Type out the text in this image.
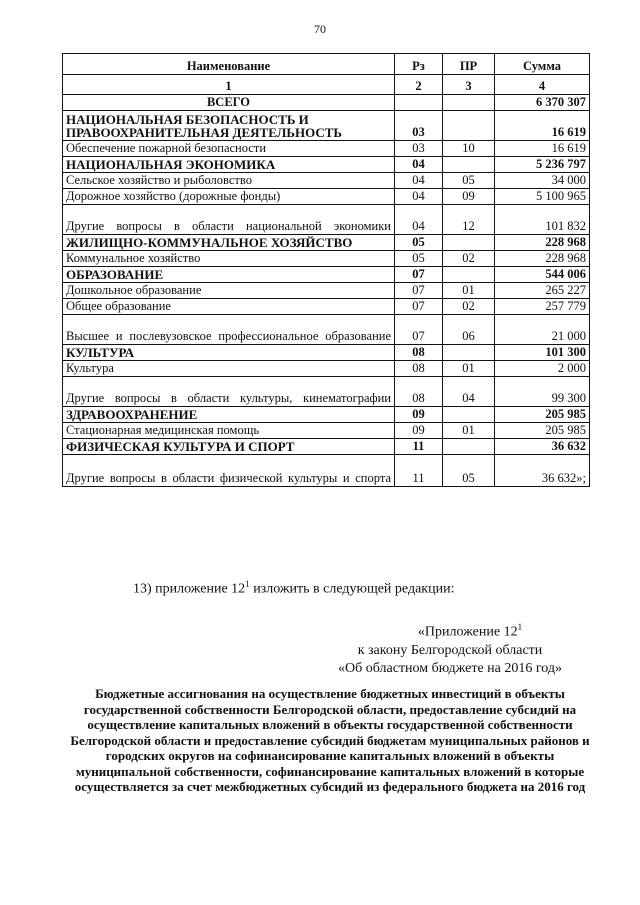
70
Наименование	Рз	ПР	Сумма
1	2	3	4
ВСЕГО			6 370 307
НАЦИОНАЛЬНАЯ БЕЗОПАСНОСТЬ И ПРАВООХРАНИТЕЛЬНАЯ ДЕЯТЕЛЬНОСТЬ	03		16 619
Обеспечение пожарной безопасности	03	10	16 619
НАЦИОНАЛЬНАЯ ЭКОНОМИКА	04		5 236 797
Сельское хозяйство и рыболовство	04	05	34 000
Дорожное хозяйство (дорожные фонды)	04	09	5 100 965
Другие вопросы в области национальной экономики	04	12	101 832
ЖИЛИЩНО-КОММУНАЛЬНОЕ ХОЗЯЙСТВО	05		228 968
Коммунальное хозяйство	05	02	228 968
ОБРАЗОВАНИЕ	07		544 006
Дошкольное образование	07	01	265 227
Общее образование	07	02	257 779
Высшее и послевузовское профессиональное образование	07	06	21 000
КУЛЬТУРА	08		101 300
Культура	08	01	2 000
Другие вопросы в области культуры, кинематографии	08	04	99 300
ЗДРАВООХРАНЕНИЕ	09		205 985
Стационарная медицинская помощь	09	01	205 985
ФИЗИЧЕСКАЯ КУЛЬТУРА И СПОРТ	11		36 632
Другие вопросы в области физической культуры и спорта	11	05	36 632»;
13) приложение $12^1$ изложить в следующей редакции:
«Приложение $12^1$
к закону Белгородской области
«Об областном бюджете на 2016 год»
Бюджетные ассигнования на осуществление бюджетных инвестиций в объекты государственной собственности Белгородской области, предоставление субсидий на осуществление капитальных вложений в объекты государственной собственности Белгородской области и предоставление субсидий бюджетам муниципальных районов и городских округов на софинансирование капитальных вложений в объекты муниципальной собственности, софинансирование капитальных вложений в которые осуществляется за счет межбюджетных субсидий из федерального бюджета на 2016 год
